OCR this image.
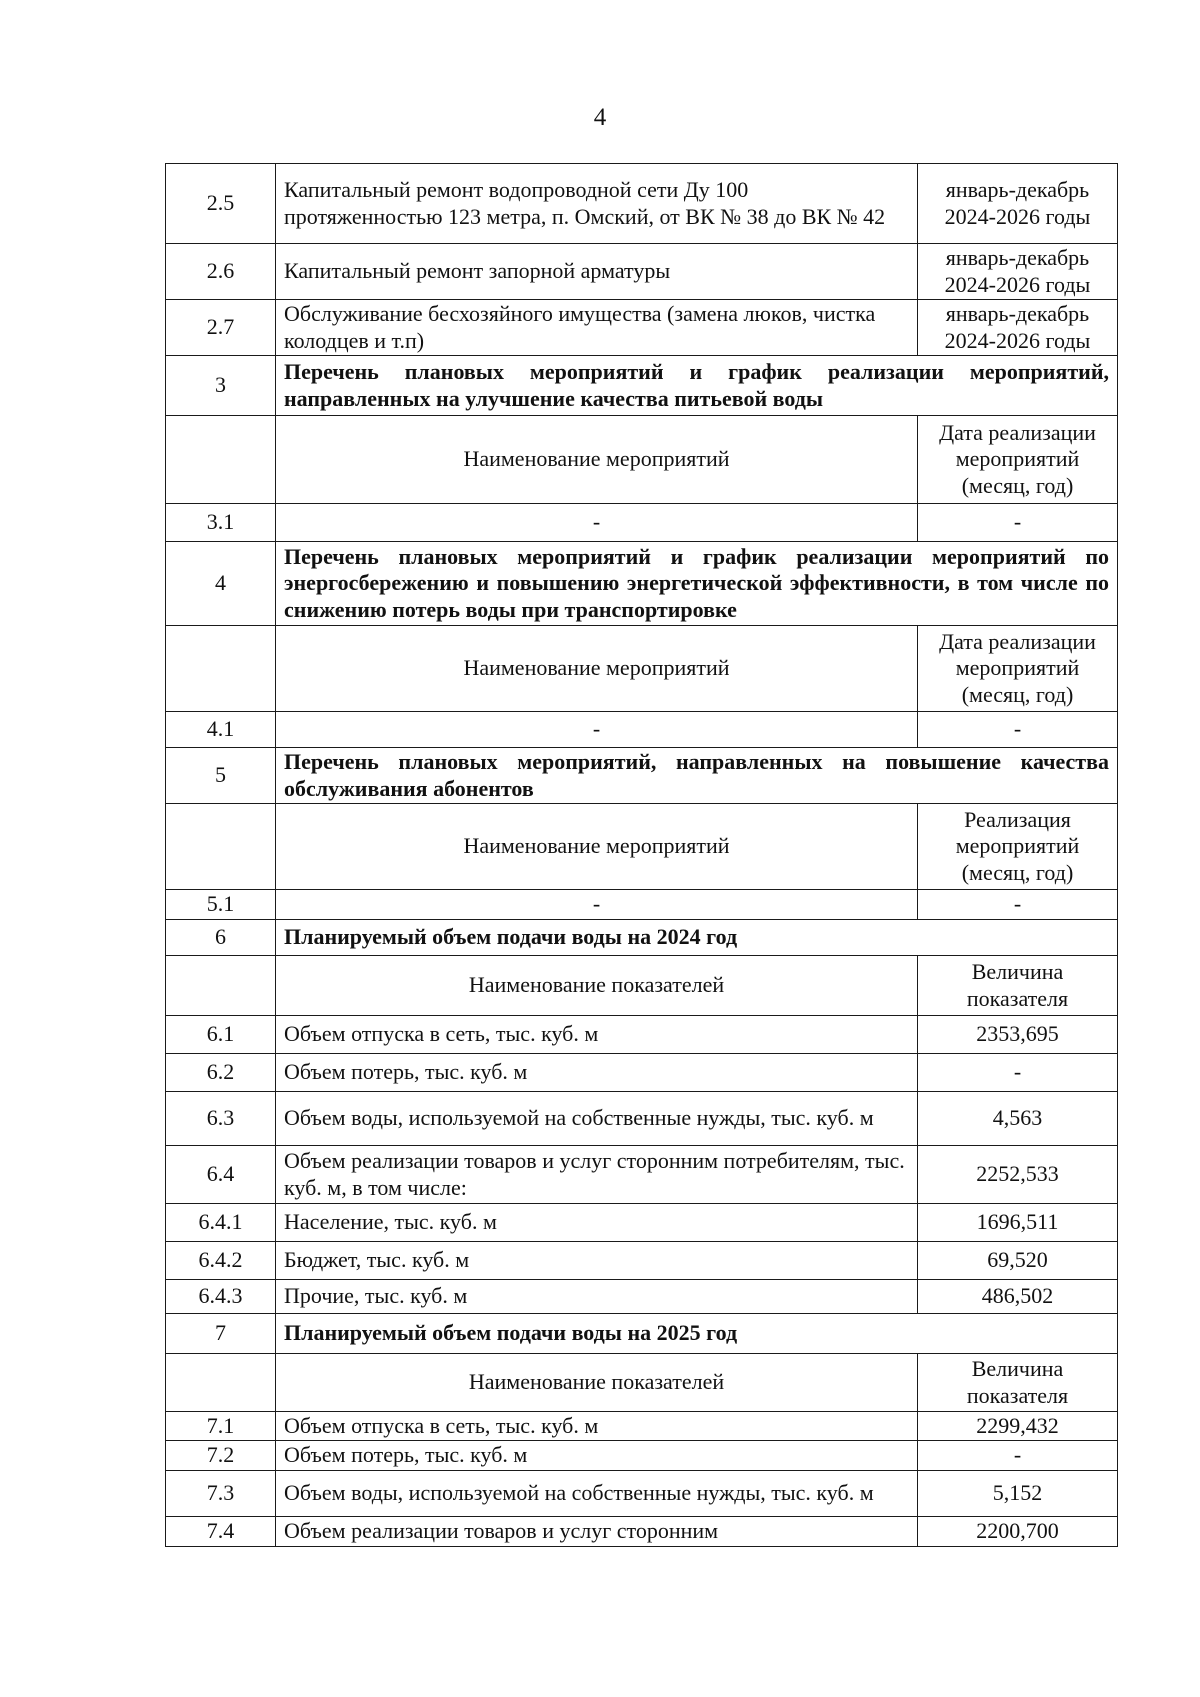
4
2.5	Капитальный ремонт водопроводной сети Ду 100 протяженностью 123 метра, п. Омский, от ВК № 38 до ВК № 42	январь-декабрь 2024-2026 годы
2.6	Капитальный ремонт запорной арматуры	январь-декабрь 2024-2026 годы
2.7	Обслуживание бесхозяйного имущества (замена люков, чистка колодцев и т.п)	январь-декабрь 2024-2026 годы
3	Перечень плановых мероприятий и график реализации мероприятий, направленных на улучшение качества питьевой воды	
	Наименование мероприятий	Дата реализации мероприятий (месяц, год)
3.1	-	-
4	Перечень плановых мероприятий и график реализации мероприятий по энергосбережению и повышению энергетической эффективности, в том числе по снижению потерь воды при транспортировке	
	Наименование мероприятий	Дата реализации мероприятий (месяц, год)
4.1	-	-
5	Перечень плановых мероприятий, направленных на повышение качества обслуживания абонентов	
	Наименование мероприятий	Реализация мероприятий (месяц, год)
5.1	-	-
6	Планируемый объем подачи воды на 2024 год	
	Наименование показателей	Величина показателя
6.1	Объем отпуска в сеть, тыс. куб. м	2353,695
6.2	Объем потерь, тыс. куб. м	-
6.3	Объем воды, используемой на собственные нужды, тыс. куб. м	4,563
6.4	Объем реализации товаров и услуг сторонним потребителям, тыс. куб. м, в том числе:	2252,533
6.4.1	Население, тыс. куб. м	1696,511
6.4.2	Бюджет, тыс. куб. м	69,520
6.4.3	Прочие, тыс. куб. м	486,502
7	Планируемый объем подачи воды на 2025 год	
	Наименование показателей	Величина показателя
7.1	Объем отпуска в сеть, тыс. куб. м	2299,432
7.2	Объем потерь, тыс. куб. м	-
7.3	Объем воды, используемой на собственные нужды, тыс. куб. м	5,152
7.4	Объем реализации товаров и услуг сторонним	2200,700
